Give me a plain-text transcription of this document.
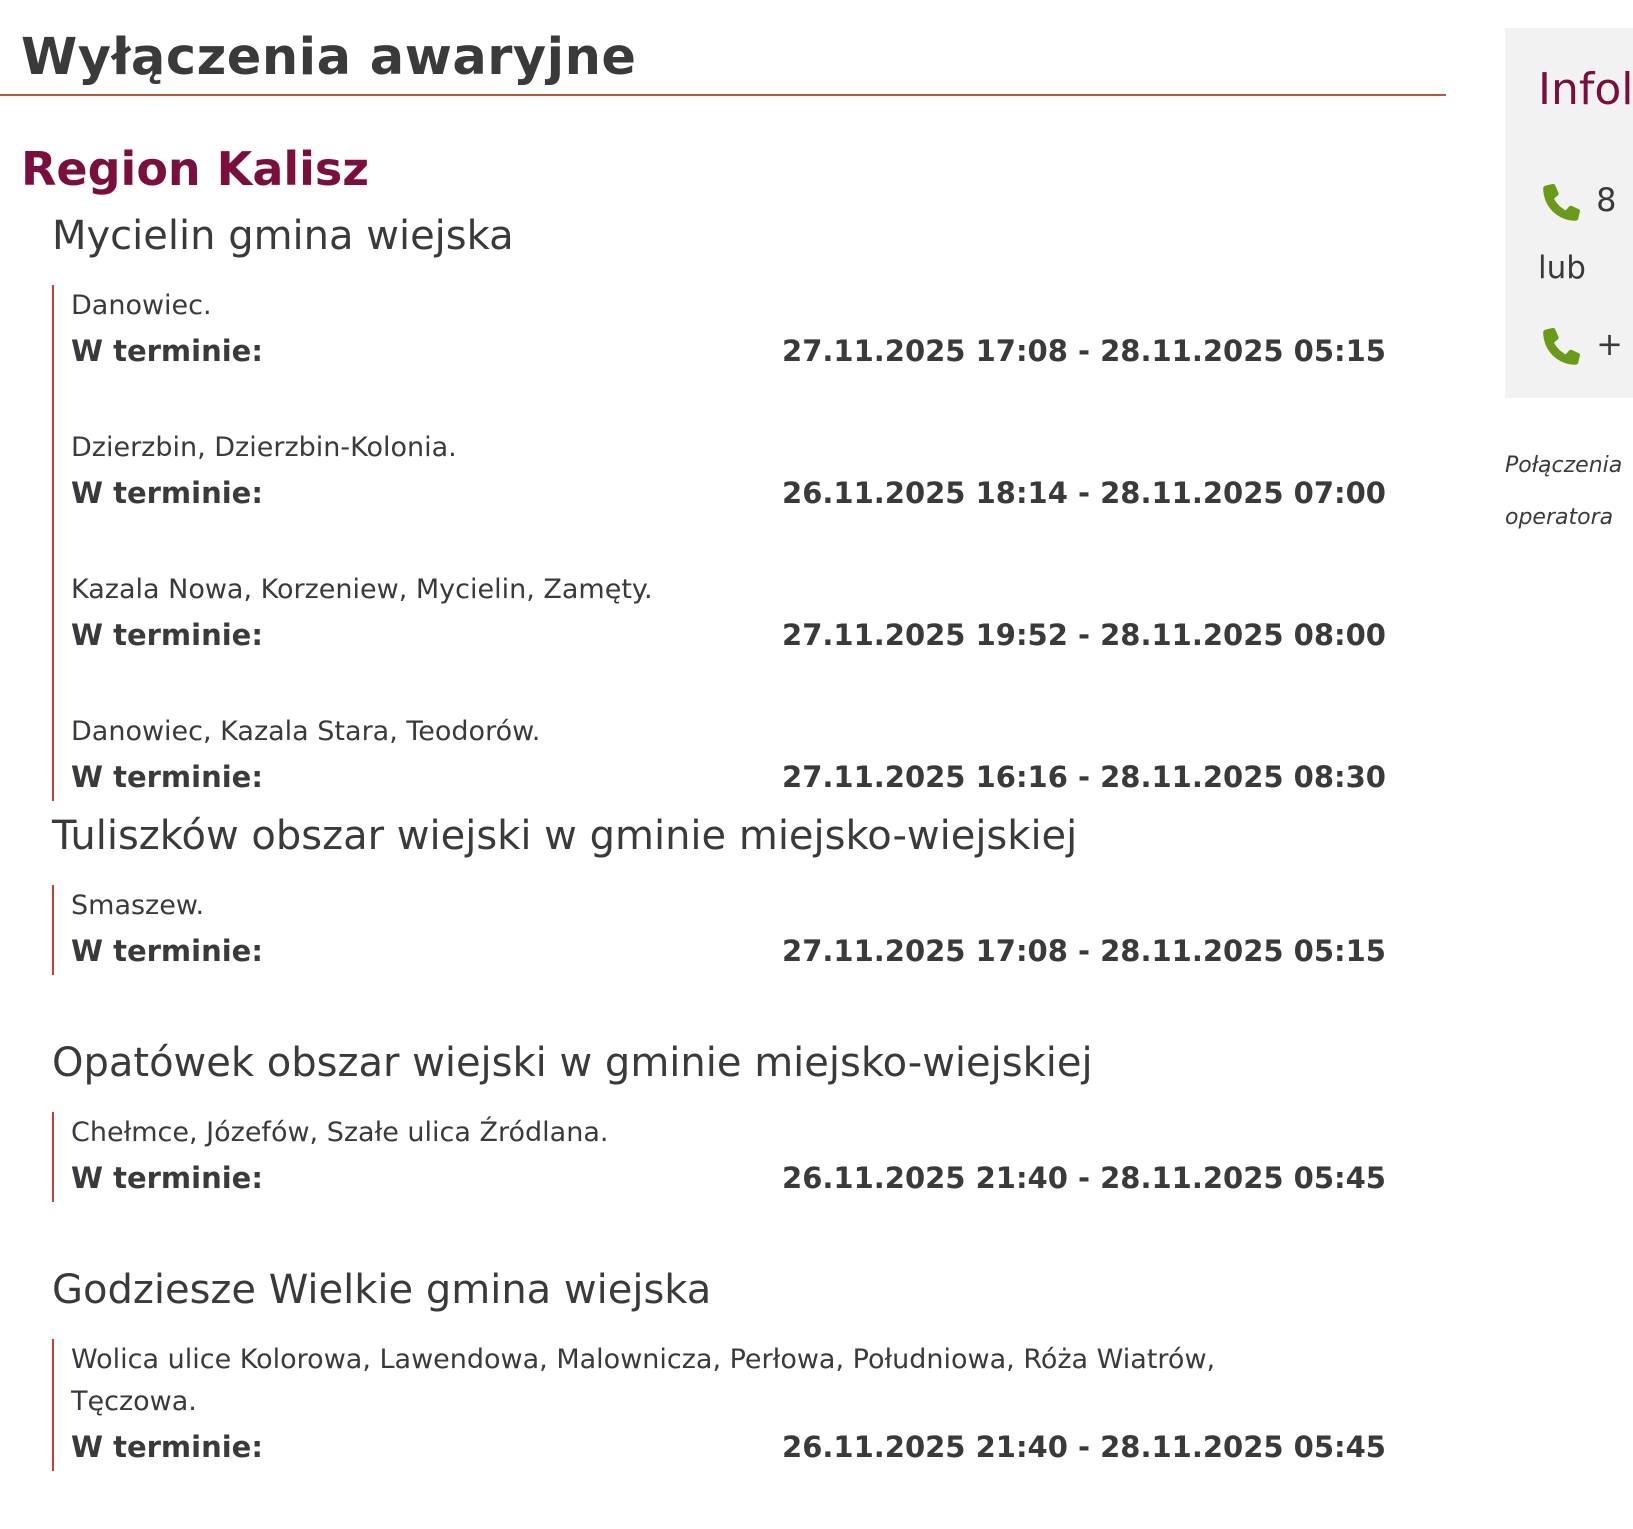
Wyłączenia awaryjne
Region Kalisz
Mycielin gmina wiejska
Danowiec.
W terminie:	27.11.2025 17:08 - 28.11.2025 05:15
Dzierzbin, Dzierzbin-Kolonia.
W terminie:	26.11.2025 18:14 - 28.11.2025 07:00
Kazala Nowa, Korzeniew, Mycielin, Zamęty.
W terminie:	27.11.2025 19:52 - 28.11.2025 08:00
Danowiec, Kazala Stara, Teodorów.
W terminie:	27.11.2025 16:16 - 28.11.2025 08:30
Tuliszków obszar wiejski w gminie miejsko-wiejskiej
Smaszew.
W terminie:	27.11.2025 17:08 - 28.11.2025 05:15
Opatówek obszar wiejski w gminie miejsko-wiejskiej
Chełmce, Józefów, Szałe ulica Źródlana.
W terminie:	26.11.2025 21:40 - 28.11.2025 05:45
Godziesze Wielkie gmina wiejska
Wolica ulice Kolorowa, Lawendowa, Malownicza, Perłowa, Południowa, Róża Wiatrów, Tęczowa.
W terminie:	26.11.2025 21:40 - 28.11.2025 05:45
Infol
8
lub
+
Połączenia
operatora
